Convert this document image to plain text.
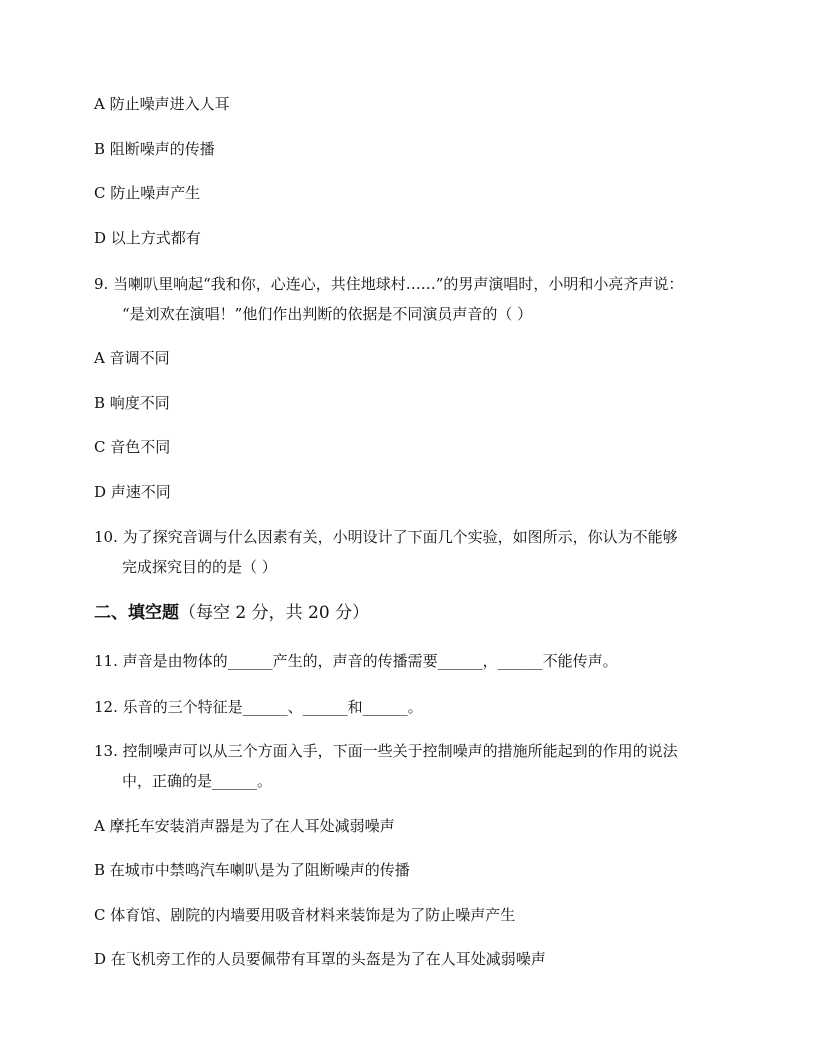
A 防止噪声进入人耳
B 阻断噪声的传播
C 防止噪声产生
D 以上方式都有
9. 当喇叭里响起“我和你，心连心，共住地球村……”的男声演唱时，小明和小亮齐声说：
“是刘欢在演唱！”他们作出判断的依据是不同演员声音的（ ）
A 音调不同
B 响度不同
C 音色不同
D 声速不同
10. 为了探究音调与什么因素有关，小明设计了下面几个实验，如图所示，你认为不能够
完成探究目的的是（ ）
二、填空题（每空 2 分，共 20 分）
11. 声音是由物体的______产生的，声音的传播需要______，______不能传声。
12. 乐音的三个特征是______、______和______。
13. 控制噪声可以从三个方面入手，下面一些关于控制噪声的措施所能起到的作用的说法
中，正确的是______。
A 摩托车安装消声器是为了在人耳处减弱噪声
B 在城市中禁鸣汽车喇叭是为了阻断噪声的传播
C 体育馆、剧院的内墙要用吸音材料来装饰是为了防止噪声产生
D 在飞机旁工作的人员要佩带有耳罩的头盔是为了在人耳处减弱噪声
